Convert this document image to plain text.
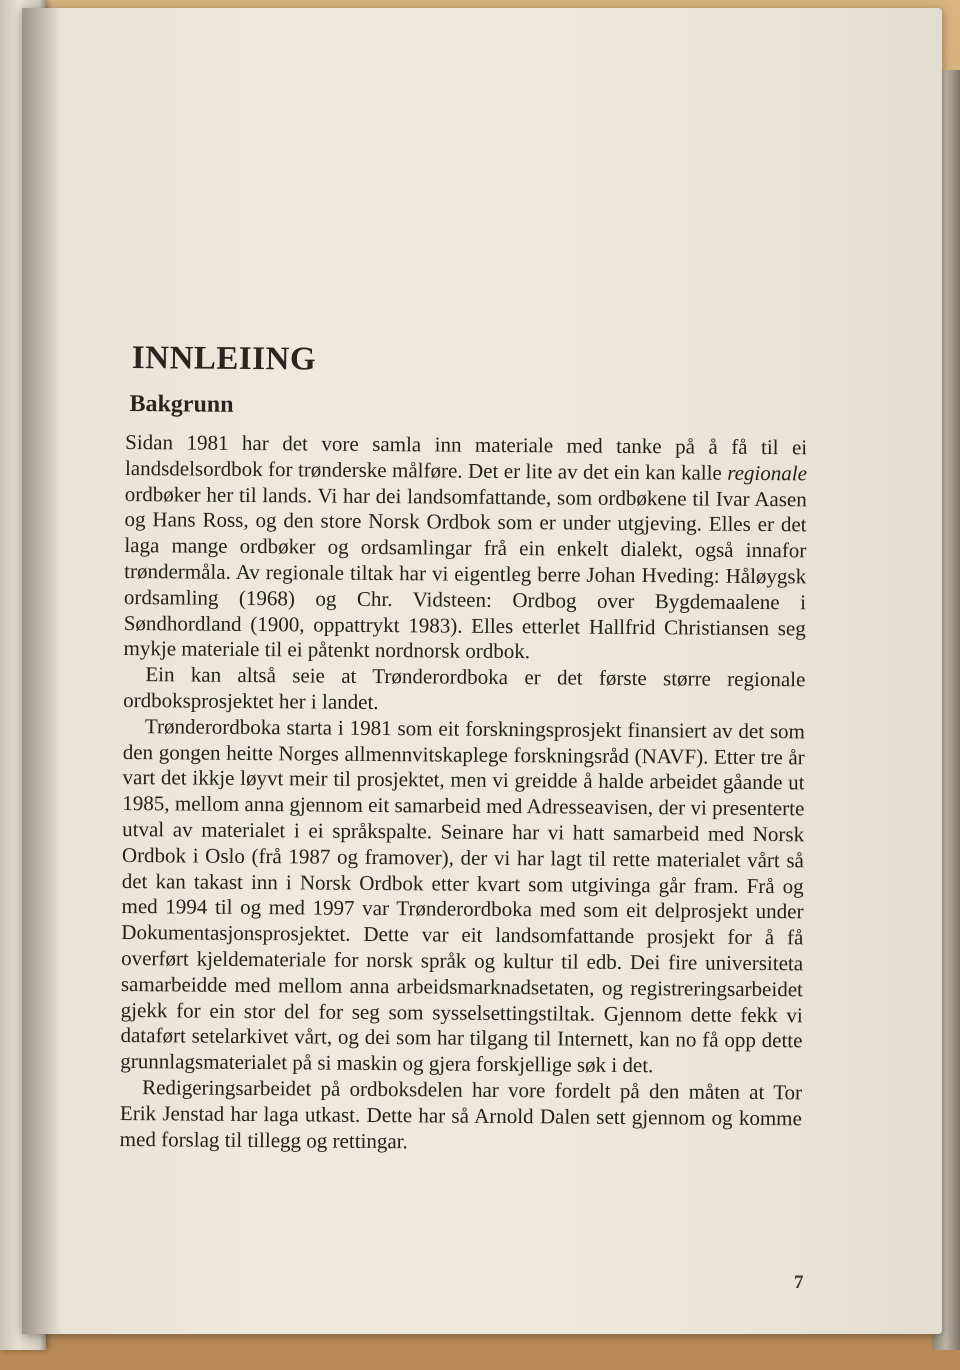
INNLEIING
Bakgrunn

Sidan 1981 har det vore samla inn materiale med tanke på å få til ei landsdelsordbok for trønderske målføre. Det er lite av det ein kan kalle regionale ordbøker her til lands. Vi har dei landsomfattande, som ordbøkene til Ivar Aasen og Hans Ross, og den store Norsk Ordbok som er under utgjeving. Elles er det laga mange ordbøker og ordsamlingar frå ein enkelt dialekt, også innafor trøndermåla. Av regionale tiltak har vi eigentleg berre Johan Hveding: Håløygsk ordsamling (1968) og Chr. Vidsteen: Ordbog over Bygdemaalene i Søndhordland (1900, oppattrykt 1983). Elles etterlet Hallfrid Christiansen seg mykje materiale til ei påtenkt nordnorsk ordbok.

Ein kan altså seie at Trønderordboka er det første større regionale ordboksprosjektet her i landet.

Trønderordboka starta i 1981 som eit forskningsprosjekt finansiert av det som den gongen heitte Norges allmennvitskaplege forskningsråd (NAVF). Etter tre år vart det ikkje løyvt meir til prosjektet, men vi greidde å halde arbeidet gåande ut 1985, mellom anna gjennom eit samarbeid med Adresseavisen, der vi presenterte utval av materialet i ei språkspalte. Seinare har vi hatt samarbeid med Norsk Ordbok i Oslo (frå 1987 og framover), der vi har lagt til rette materialet vårt så det kan takast inn i Norsk Ordbok etter kvart som utgivinga går fram. Frå og med 1994 til og med 1997 var Trønderordboka med som eit delprosjekt under Dokumentasjonsprosjektet. Dette var eit landsomfattande prosjekt for å få overført kjeldemateriale for norsk språk og kultur til edb. Dei fire universiteta samarbeidde med mellom anna arbeidsmarknadsetaten, og registreringsarbeidet gjekk for ein stor del for seg som sysselsettingstiltak. Gjennom dette fekk vi dataført setelarkivet vårt, og dei som har tilgang til Internett, kan no få opp dette grunnlagsmaterialet på si maskin og gjera forskjellige søk i det.

Redigeringsarbeidet på ordboksdelen har vore fordelt på den måten at Tor Erik Jenstad har laga utkast. Dette har så Arnold Dalen sett gjennom og komme med forslag til tillegg og rettingar.

7
